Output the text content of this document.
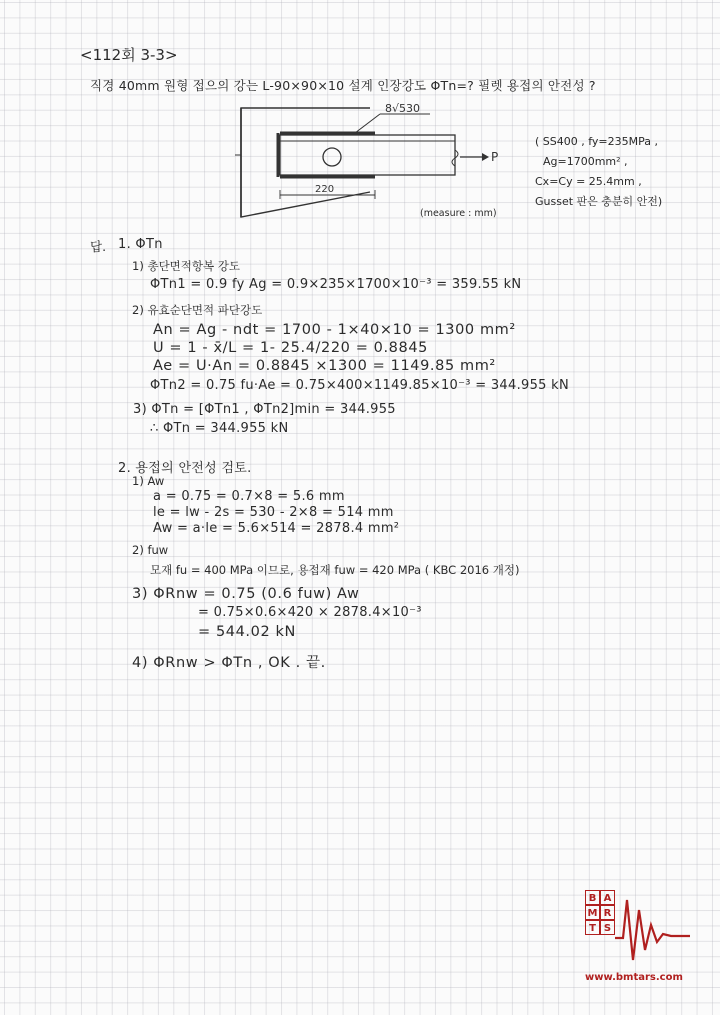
<112회 3-3>
직경 40mm 원형 접으의 강는 L-90×90×10 설계 인장강도 ΦTn=? 필렛 용접의 안전성 ?
P
8√530
220
(measure : mm)
( SS400 , fy=235MPa ,
Ag=1700mm² ,
Cx=Cy = 25.4mm ,
Gusset 판은 충분히 안전)
답. 1. ΦTn
1) 총단면적항복 강도
ΦTn1 = 0.9 fy Ag = 0.9×235×1700×10⁻³ = 359.55 kN
2) 유효순단면적 파단강도
An = Ag - ndt = 1700 - 1×40×10 = 1300 mm²
U = 1 - x̄/L = 1- 25.4/220 = 0.8845
Ae = U·An = 0.8845 ×1300 = 1149.85 mm²
ΦTn2 = 0.75 fu·Ae = 0.75×400×1149.85×10⁻³ = 344.955 kN
3) ΦTn = [ΦTn1 , ΦTn2]min = 344.955
∴ ΦTn = 344.955 kN
2. 용접의 안전성 검토.
1) Aw
a = 0.75 = 0.7×8 = 5.6 mm
le = lw - 2s = 530 - 2×8 = 514 mm
Aw = a·le = 5.6×514 = 2878.4 mm²
2) fuw
모재 fu = 400 MPa 이므로, 용접재 fuw = 420 MPa ( KBC 2016 개정)
3) ΦRnw = 0.75 (0.6 fuw) Aw
= 0.75×0.6×420 × 2878.4×10⁻³
= 544.02 kN
4) ΦRnw > ΦTn , OK . 끝.
B
M
T
A
R
S
www.bmtars.com
